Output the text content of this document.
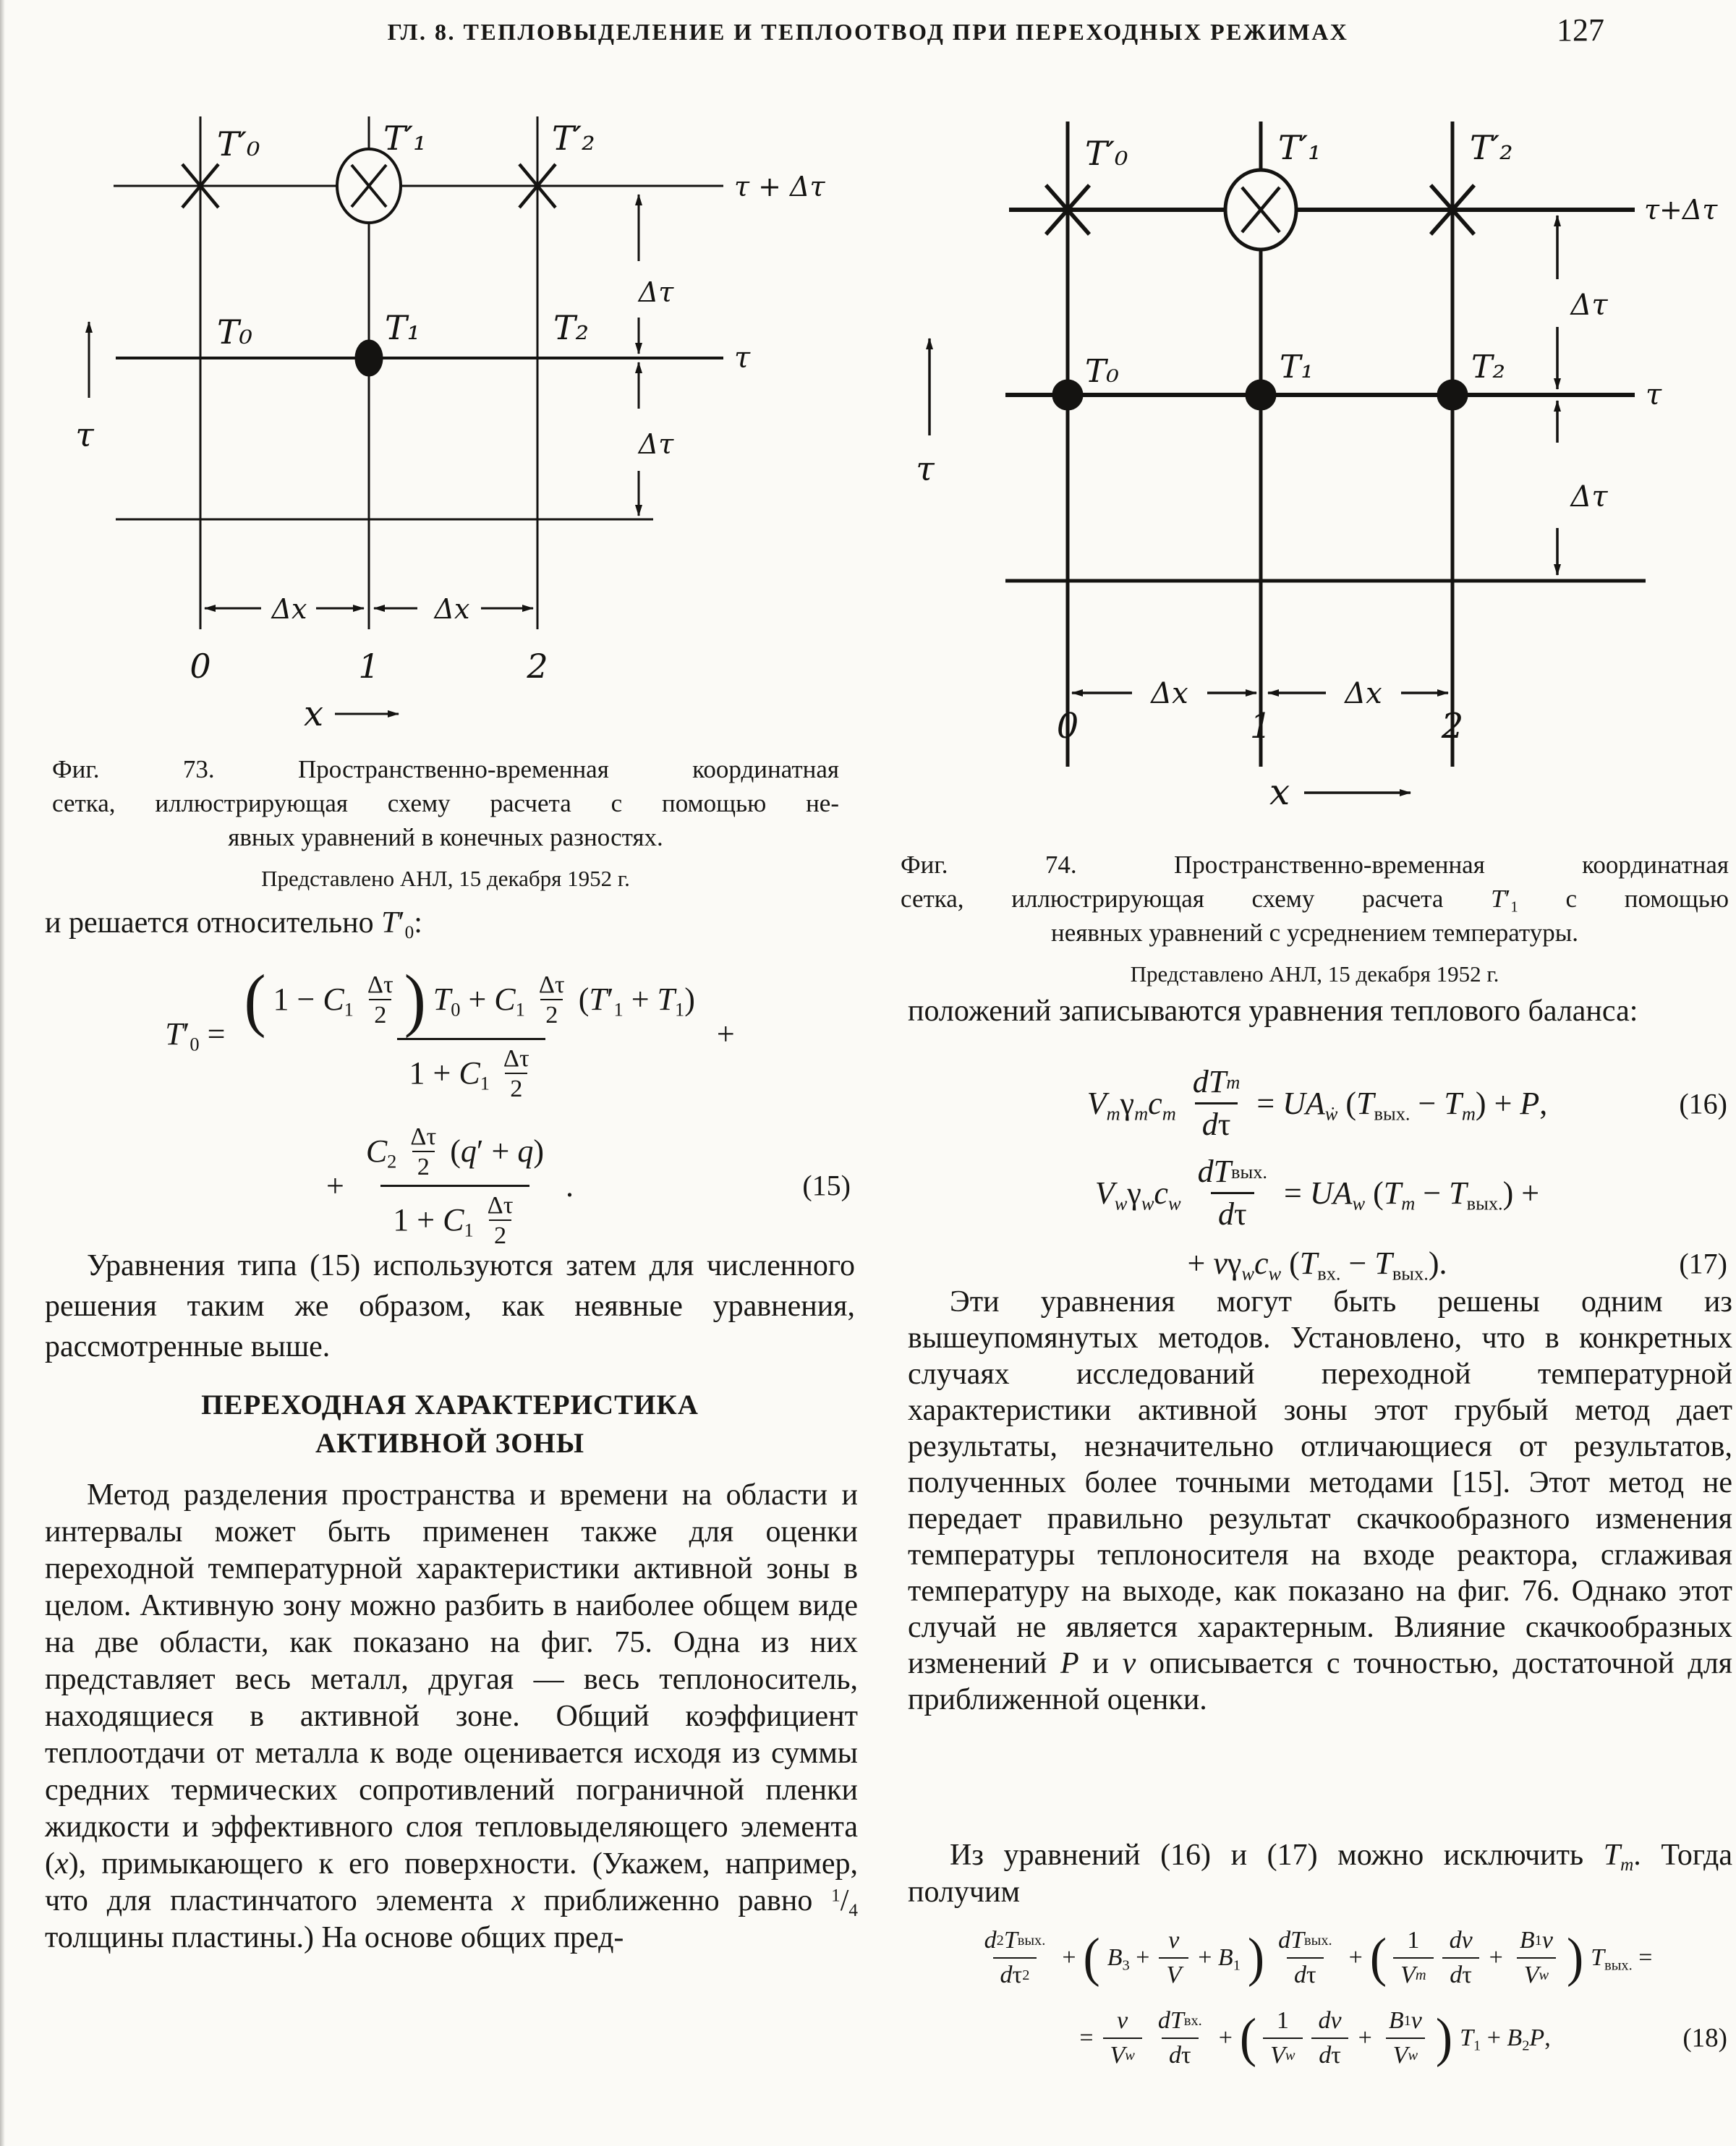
ГЛ. 8. ТЕПЛОВЫДЕЛЕНИЕ И ТЕПЛООТВОД ПРИ ПЕРЕХОДНЫХ РЕЖИМАХ	127
T′₀	T′₁	T′₂
T₀	T₁	T₂
τ + Δτ
τ
Δτ
Δτ
Δx	Δx
0	1	2
x
τ
Фиг. 73. Пространственно-временная координатная
сетка, иллюстрирующая схему расчета с помощью не-
явных уравнений в конечных разностях.
Представлено АНЛ, 15 декабря 1952 г.
и решается относительно $T'_0$:
$T'_0$ = ( $1 - C_1$
Δτ
2 ) $T_0 + C_1$
Δτ
2 $(T'_1 + T_1)$
$1 + C_1$
Δτ
2
+
+
$C_2$
Δτ
2 (q′ + q)
$1 + C_1$
Δτ
2
.	(15)
Уравнения типа (15) используются затем для численного решения таким же образом, как неявные уравнения, рассмотренные выше.
ПЕРЕХОДНАЯ ХАРАКТЕРИСТИКА
АКТИВНОЙ ЗОНЫ
Метод разделения пространства и времени на области и интервалы может быть применен также для оценки переходной температурной характеристики активной зоны в целом. Активную зону можно разбить в наиболее общем виде на две области, как показано на фиг. 75. Одна из них представляет весь металл, другая — весь теплоноситель, находящиеся в активной зоне. Общий коэффициент теплоотдачи от металла к воде оценивается исходя из суммы средних термических сопротивлений пограничной пленки жидкости и эффективного слоя тепловыделяющего элемента (x), примыкающего к его поверхности. (Укажем, например, что для пластинчатого элемента x приближенно равно $^1/_4$ толщины пластины.) На основе общих пред-
T′₀	T′₁	T′₂
T₀	T₁	T₂
τ+Δτ
τ
Δτ
Δτ
Δx	Δx
0	1	2
x
τ
Фиг. 74. Пространственно-временная координатная
сетка, иллюстрирующая схему расчета $T'_1$ с помощью
неявных уравнений с усреднением температуры.
Представлено АНЛ, 15 декабря 1952 г.
положений записываются уравнения теплового баланса:
$V_m\gamma_mc_m$
dT m
d τ
= $UA_ẇ$ $(T_{вых.} - T_m) + P$,	(16)
$V_w\gamma_wc_w$
dT вых.
d τ
= $UA_w$ $(T_m - T_{вых.})$ +
+ $v\gamma_wc_w$ $(T_{вх.} - T_{вых.})$.	(17)
Эти уравнения могут быть решены одним из вышеупомянутых методов. Установлено, что в конкретных случаях исследований переходной температурной характеристики активной зоны этот грубый метод дает результаты, незначительно отличающиеся от результатов, полученных более точными методами [15]. Этот метод не передает правильно результат скачкообразного изменения температуры теплоносителя на входе реактора, сглаживая температуру на выходе, как показано на фиг. 76. Однако этот случай не является характерным. Влияние скачкообразных изменений P и v описывается с точностью, достаточной для приближенной оценки.
Из уравнений (16) и (17) можно исключить $T_m$. Тогда получим
d 2 T вых.
d τ 2
+ ( $B_3 + \frac{v}{V} + B_1$ ) dT вых.
d τ
+ ( 1
V m
dv
d τ
+ $\frac{B 1 v}{\text{V w}}$ ) $T_{вых.}$ =
= $\frac{v}{\text{V w}}$ dT вх.
d τ
+ ( 1
V w
dv
d τ
+ $\frac{B 1 v}{\text{V w}}$ ) $T_1 + B_2P$,	(18)
